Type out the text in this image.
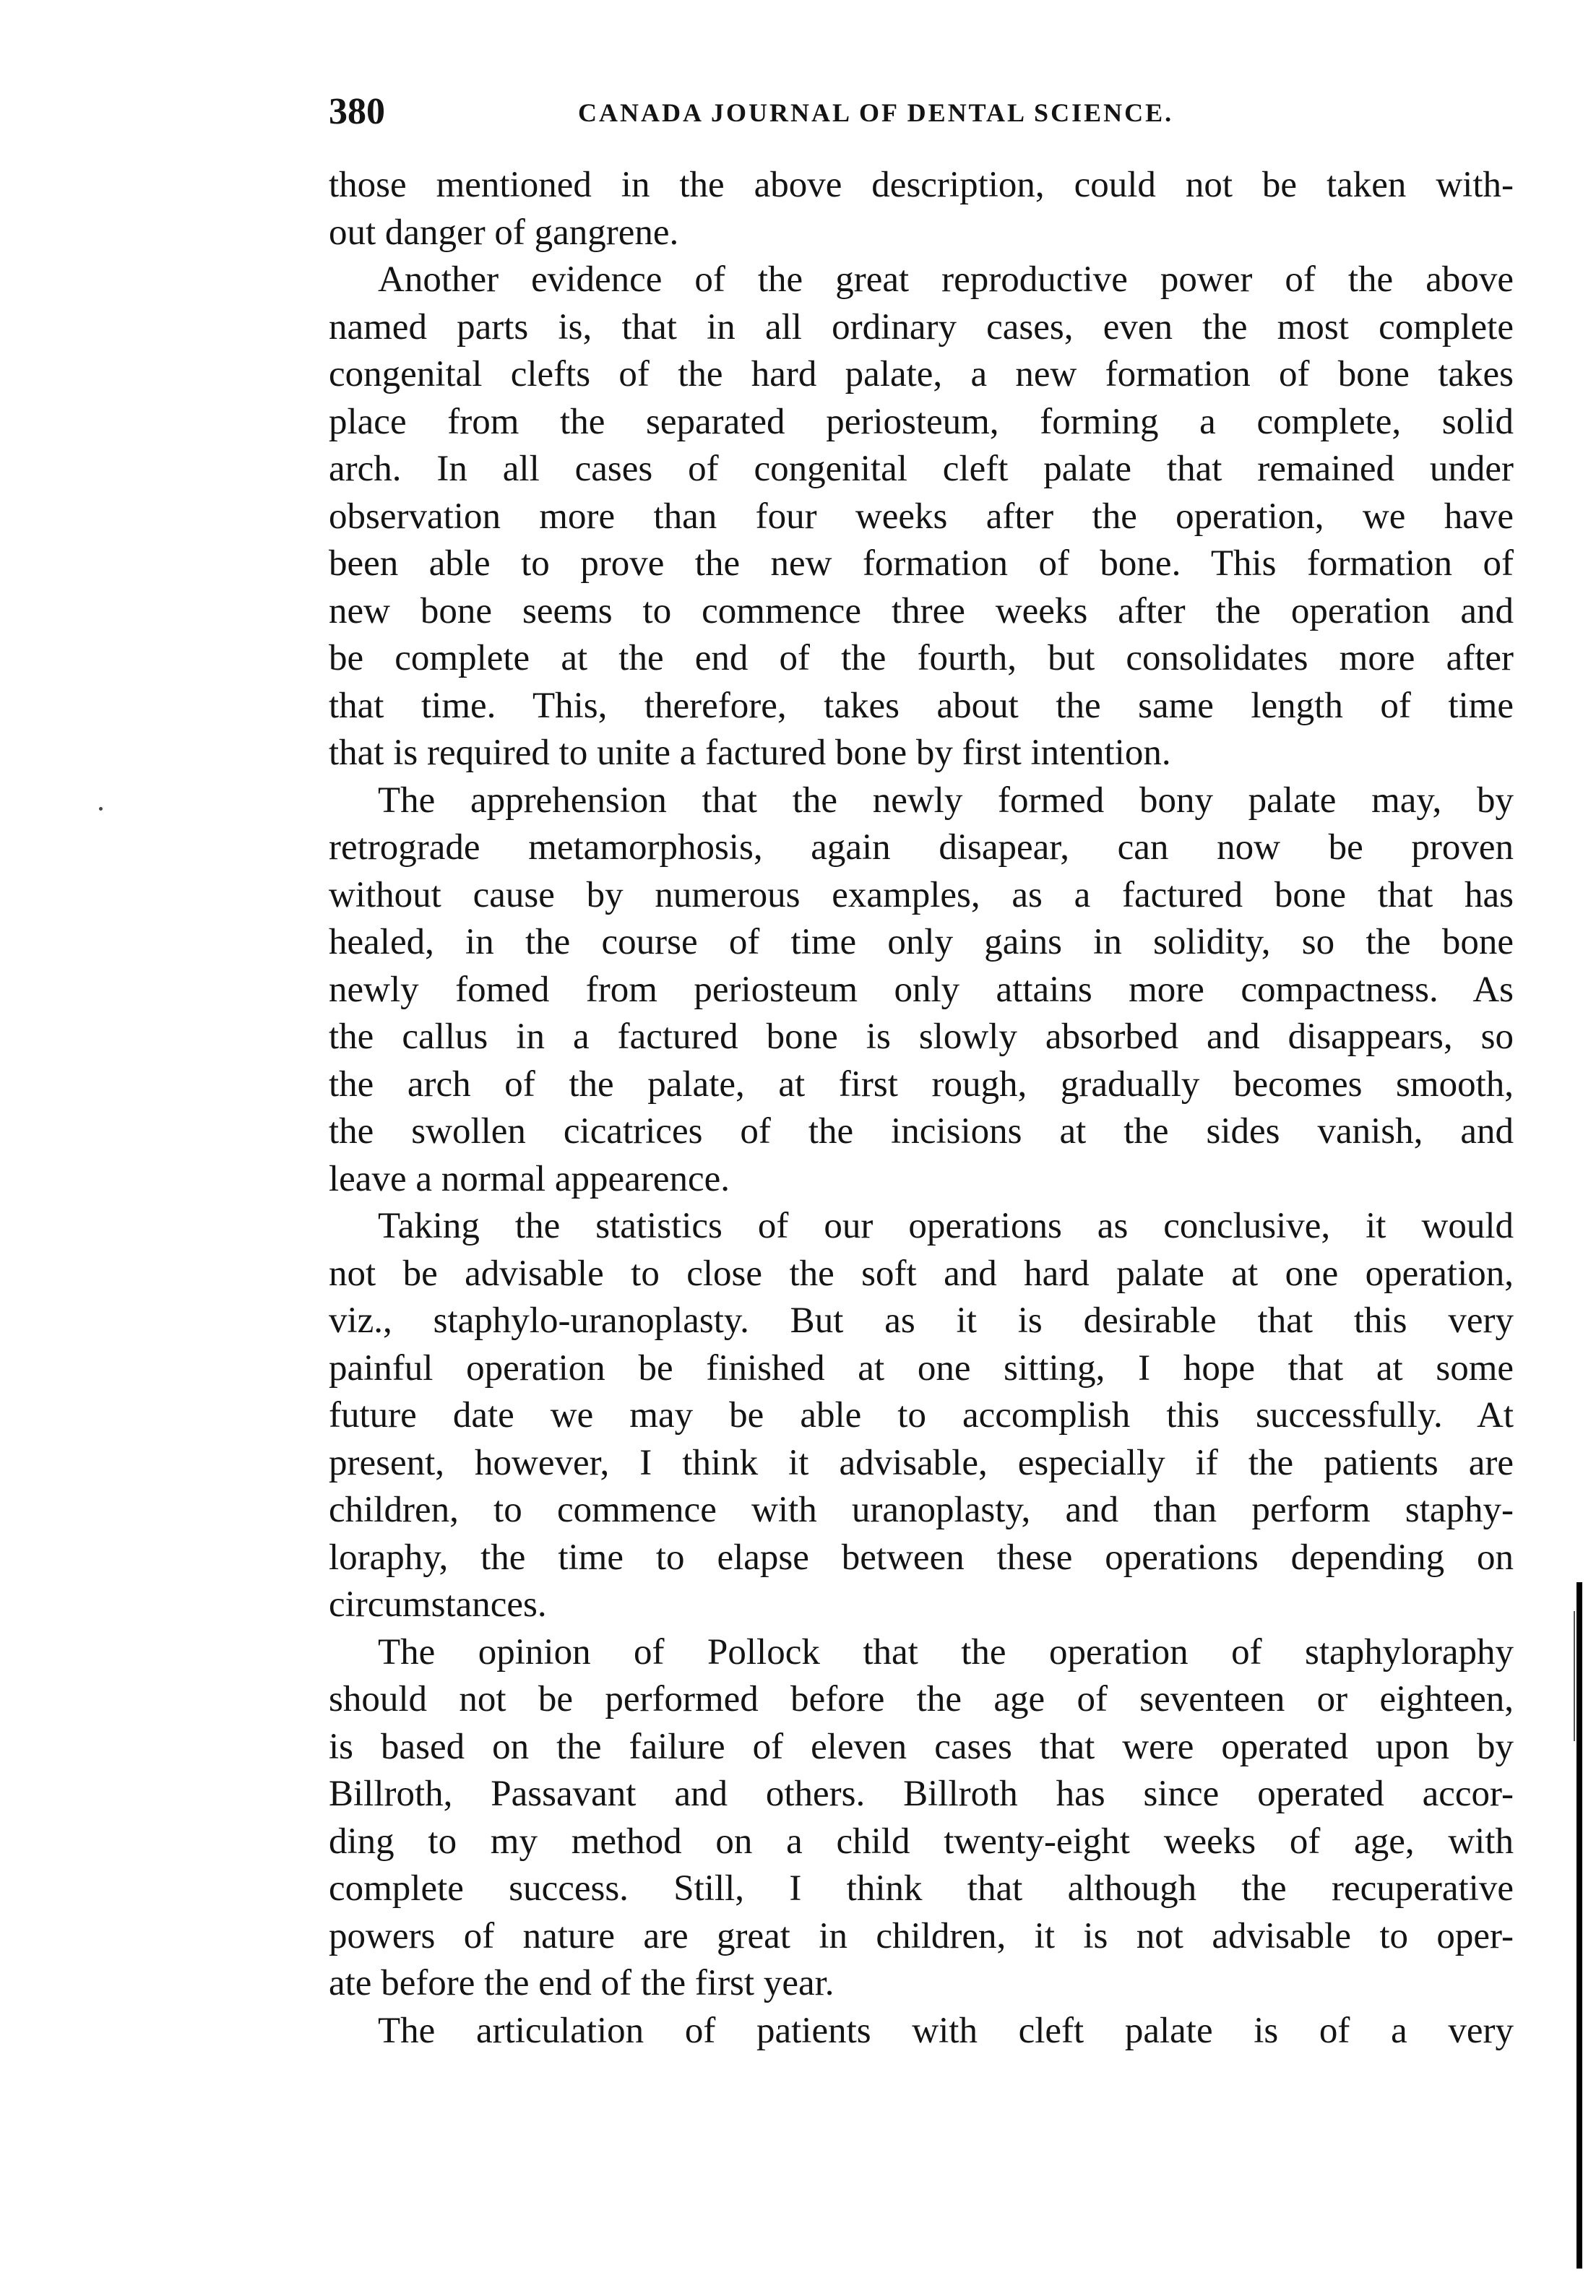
380	CANADA JOURNAL OF DENTAL SCIENCE.
those mentioned in the above description, could not be taken with-
out danger of gangrene.
Another evidence of the great reproductive power of the above
named parts is, that in all ordinary cases, even the most complete
congenital clefts of the hard palate, a new formation of bone takes
place from the separated periosteum, forming a complete, solid
arch. In all cases of congenital cleft palate that remained under
observation more than four weeks after the operation, we have
been able to prove the new formation of bone. This formation of
new bone seems to commence three weeks after the operation and
be complete at the end of the fourth, but consolidates more after
that time. This, therefore, takes about the same length of time
that is required to unite a factured bone by first intention.
The apprehension that the newly formed bony palate may, by
retrograde metamorphosis, again disapear, can now be proven
without cause by numerous examples, as a factured bone that has
healed, in the course of time only gains in solidity, so the bone
newly fomed from periosteum only attains more compactness. As
the callus in a factured bone is slowly absorbed and disappears, so
the arch of the palate, at first rough, gradually becomes smooth,
the swollen cicatrices of the incisions at the sides vanish, and
leave a normal appearence.
Taking the statistics of our operations as conclusive, it would
not be advisable to close the soft and hard palate at one operation,
viz., staphylo-uranoplasty. But as it is desirable that this very
painful operation be finished at one sitting, I hope that at some
future date we may be able to accomplish this successfully. At
present, however, I think it advisable, especially if the patients are
children, to commence with uranoplasty, and than perform staphy-
loraphy, the time to elapse between these operations depending on
circumstances.
The opinion of Pollock that the operation of staphyloraphy
should not be performed before the age of seventeen or eighteen,
is based on the failure of eleven cases that were operated upon by
Billroth, Passavant and others. Billroth has since operated accor-
ding to my method on a child twenty-eight weeks of age, with
complete success. Still, I think that although the recuperative
powers of nature are great in children, it is not advisable to oper-
ate before the end of the first year.
The articulation of patients with cleft palate is of a very
